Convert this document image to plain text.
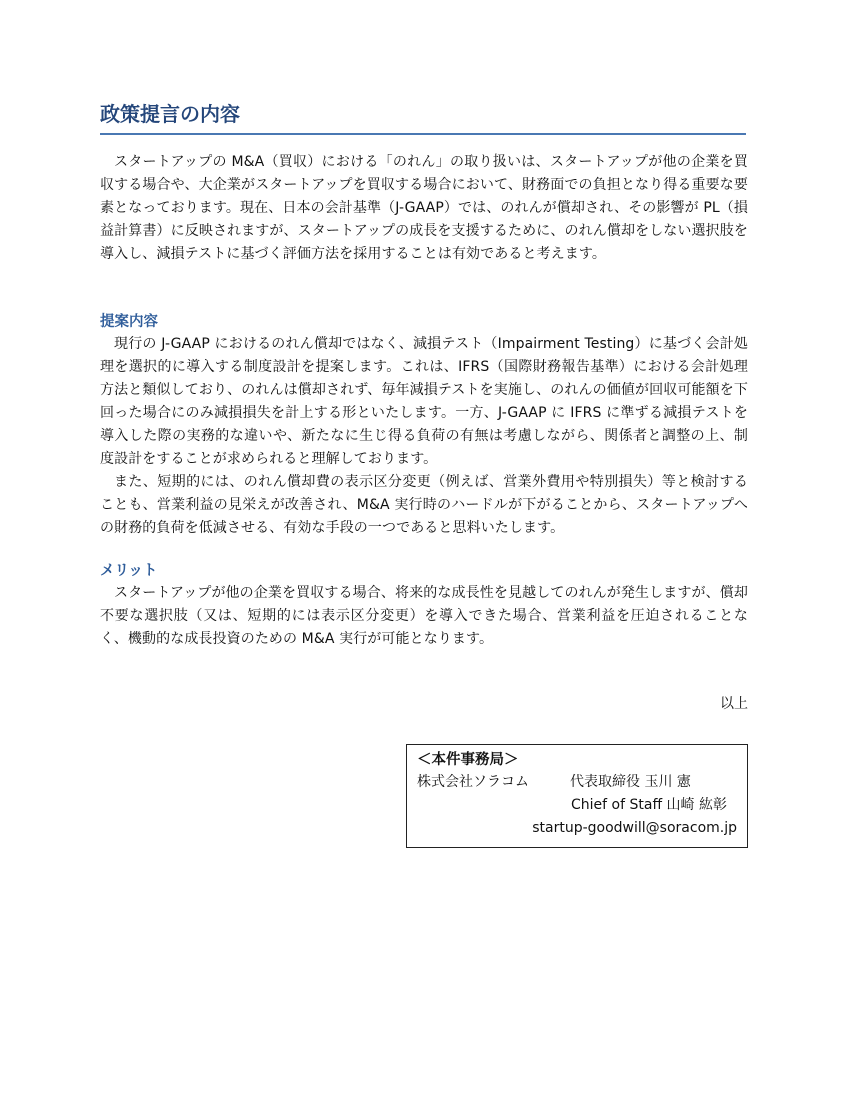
政策提言の内容

スタートアップの M&A（買収）における「のれん」の取り扱いは、スタートアップが他の企業を買収する場合や、大企業がスタートアップを買収する場合において、財務面での負担となり得る重要な要素となっております。現在、日本の会計基準（J-GAAP）では、のれんが償却され、その影響が PL（損益計算書）に反映されますが、スタートアップの成長を支援するために、のれん償却をしない選択肢を導入し、減損テストに基づく評価方法を採用することは有効であると考えます。

提案内容

現行の J-GAAP におけるのれん償却ではなく、減損テスト（Impairment Testing）に基づく会計処理を選択的に導入する制度設計を提案します。これは、IFRS（国際財務報告基準）における会計処理方法と類似しており、のれんは償却されず、毎年減損テストを実施し、のれんの価値が回収可能額を下回った場合にのみ減損損失を計上する形といたします。一方、J-GAAP に IFRS に準ずる減損テストを導入した際の実務的な違いや、新たなに生じ得る負荷の有無は考慮しながら、関係者と調整の上、制度設計をすることが求められると理解しております。

また、短期的には、のれん償却費の表示区分変更（例えば、営業外費用や特別損失）等と検討することも、営業利益の見栄えが改善され、M&A 実行時のハードルが下がることから、スタートアップへの財務的負荷を低減させる、有効な手段の一つであると思料いたします。

メリット

スタートアップが他の企業を買収する場合、将来的な成長性を見越してのれんが発生しますが、償却不要な選択肢（又は、短期的には表示区分変更）を導入できた場合、営業利益を圧迫されることなく、機動的な成長投資のための M&A 実行が可能となります。

以上
＜本件事務局＞
株式会社ソラコム	代表取締役 玉川 憲
Chief of Staff 山崎 紘彰
startup-goodwill@soracom.jp
